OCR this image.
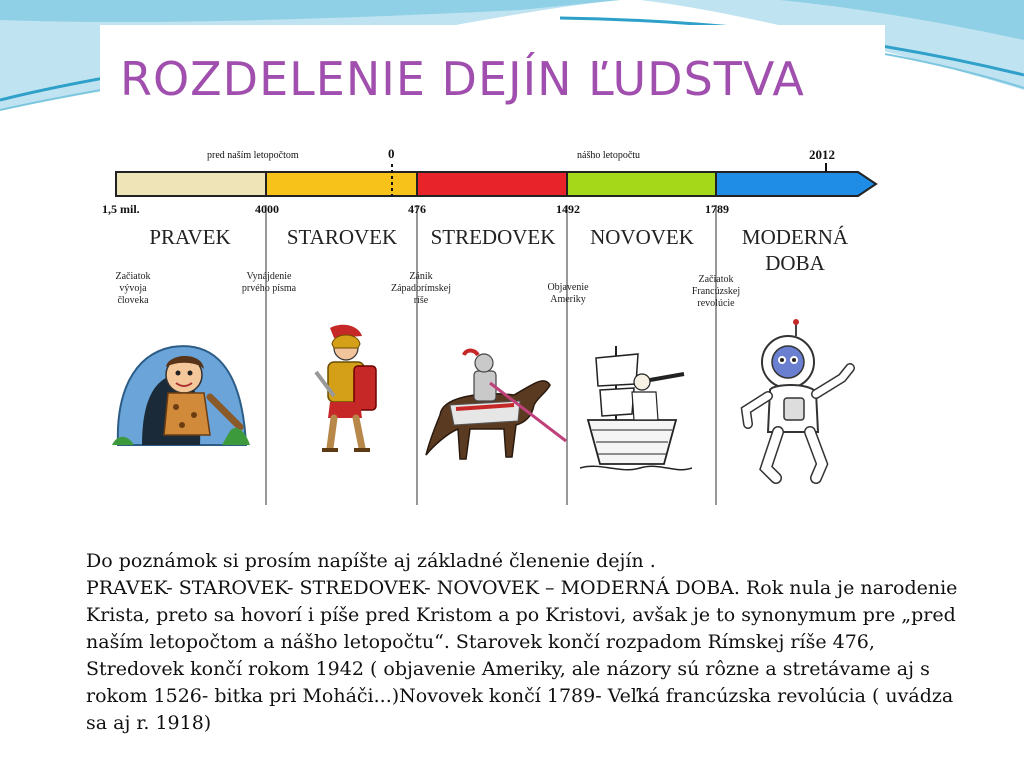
ROZDELENIE DEJÍN ĽUDSTVA
pred naším letopočtom	nášho letopočtu
0	2012
1,5 mil.	4000	476	1492	1789
PRAVEK	STAROVEK	STREDOVEK	NOVOVEK	MODERNÁ DOBA
Začiatok vývoja človeka
Vynájdenie prvého písma
Zánik Západorímskej ríše
Objavenie Ameriky
Začiatok Francúzskej revolúcie

Do poznámok si prosím napíšte aj základné členenie dejín .

PRAVEK- STAROVEK- STREDOVEK- NOVOVEK – MODERNÁ DOBA. Rok nula je narodenie Krista, preto sa hovorí i píše pred Kristom a po Kristovi, avšak je to synonymum pre „pred naším letopočtom a nášho letopočtu“. Starovek končí rozpadom Rímskej ríše 476, Stredovek končí rokom 1942 ( objavenie Ameriky, ale názory sú rôzne a stretávame aj s rokom 1526- bitka pri Moháči...)Novovek končí 1789- Veľká francúzska revolúcia ( uvádza sa aj r. 1918)
